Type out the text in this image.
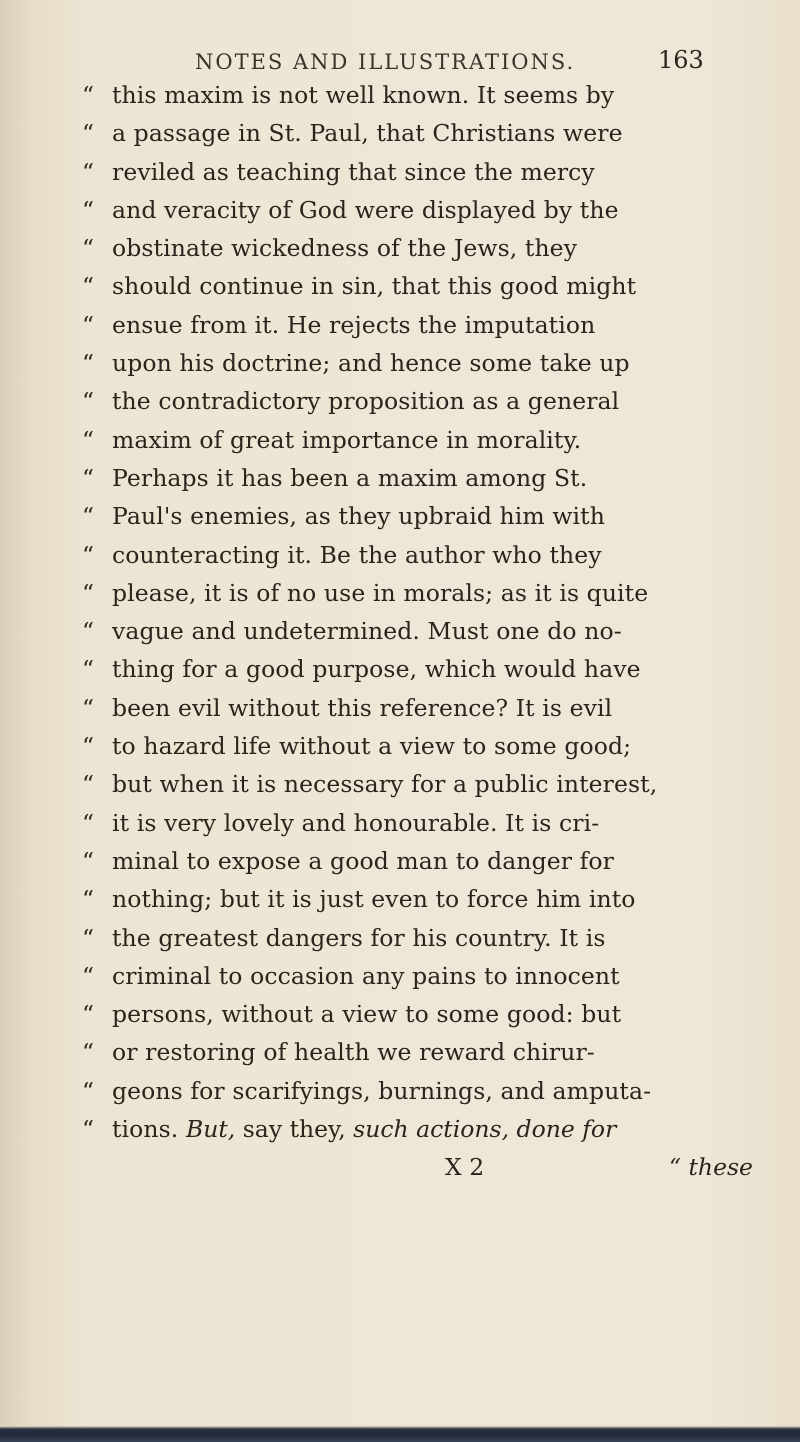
NOTES AND ILLUSTRATIONS.	163
“ this maxim is not well known. It seems by
“ a passage in St. Paul, that Christians were
“ reviled as teaching that since the mercy
“ and veracity of God were displayed by the
“ obstinate wickedness of the Jews, they
“ should continue in sin, that this good might
“ ensue from it. He rejects the imputation
“ upon his doctrine; and hence some take up
“ the contradictory proposition as a general
“ maxim of great importance in morality.
“ Perhaps it has been a maxim among St.
“ Paul's enemies, as they upbraid him with
“ counteracting it. Be the author who they
“ please, it is of no use in morals; as it is quite
“ vague and undetermined. Must one do no-
“ thing for a good purpose, which would have
“ been evil without this reference? It is evil
“ to hazard life without a view to some good;
“ but when it is necessary for a public interest,
“ it is very lovely and honourable. It is cri-
“ minal to expose a good man to danger for
“ nothing; but it is just even to force him into
“ the greatest dangers for his country. It is
“ criminal to occasion any pains to innocent
“ persons, without a view to some good: but
“ or restoring of health we reward chirur-
“ geons for scarifyings, burnings, and amputa-
“ tions. But, say they, such actions, done for
X 2	“ these
